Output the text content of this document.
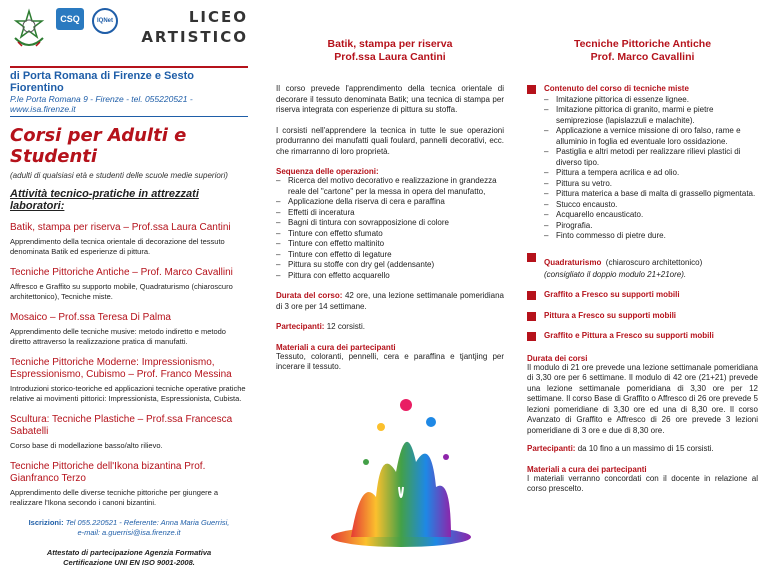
CSQ	IQNet	LICEO
ARTISTICO
di Porta Romana di Firenze e Sesto Fiorentino
P.le Porta Romana 9 - Firenze - tel. 055220521 - www.isa.firenze.it
Corsi per Adulti e Studenti
(adulti di qualsiasi età e studenti delle scuole medie superiori)
Attività tecnico-pratiche in attrezzati laboratori:
Batik, stampa per riserva – Prof.ssa Laura Cantini
Apprendimento della tecnica orientale di decorazione del tessuto denominata Batik ed esperienze di pittura.
Tecniche Pittoriche Antiche – Prof. Marco Cavallini
Affresco e Graffito su supporto mobile, Quadraturismo (chiaroscuro architettonico), Tecniche miste.
Mosaico – Prof.ssa Teresa Di Palma
Apprendimento delle tecniche musive: metodo indiretto e metodo diretto attraverso la realizzazione pratica di manufatti.
Tecniche Pittoriche Moderne: Impressionismo, Espressionismo, Cubismo – Prof. Franco Messina
Introduzioni storico-teoriche ed applicazioni tecniche operative pratiche relative ai movimenti pittorici: Impressionista, Espressionista, Cubista.
Scultura: Tecniche Plastiche – Prof.ssa Francesca Sabatelli
Corso base di modellazione basso/alto rilievo.
Tecniche Pittoriche dell'Ikona bizantina Prof. Gianfranco Terzo
Apprendimento delle diverse tecniche pittoriche per giungere a realizzare l'Ikona secondo i canoni bizantini.
Iscrizioni: Tel 055.220521 - Referente: Anna Maria Guerrisi,
e-mail: a.guerrisi@isa.firenze.it
Attestato di partecipazione Agenzia Formativa
Certificazione UNI EN ISO 9001-2008.
Batik, stampa per riserva
Prof.ssa Laura Cantini
Il corso prevede l'apprendimento della tecnica orientale di decorare il tessuto denominata Batik; una tecnica di stampa per riserva integrata con esperienze di pittura su stoffa.
I corsisti nell'apprendere la tecnica in tutte le sue operazioni produrranno dei manufatti quali foulard, pannelli decorativi, ecc. che rimarranno di loro proprietà.
Sequenza delle operazioni:
– Ricerca del motivo decorativo e realizzazione in grandezza reale del "cartone" per la messa in opera del manufatto,
– Applicazione della riserva di cera e paraffina
– Effetti di inceratura
– Bagni di tintura con sovrapposizione di colore
– Tinture con effetto sfumato
– Tinture con effetto maltinito
– Tinture con effetto di legature
– Pittura su stoffe con dry gel (addensante)
– Pittura con effetto acquarello
Durata del corso: 42 ore, una lezione settimanale pomeridiana di 3 ore per 14 settimane.
Partecipanti: 12 corsisti.
Materiali a cura dei partecipanti
Tessuto, coloranti, pennelli, cera e paraffina e tjantjing per incerare il tessuto.
Tecniche Pittoriche Antiche
Prof. Marco Cavallini
Contenuto del corso di tecniche miste
– Imitazione pittorica di essenze lignee.
– Imitazione pittorica di granito, marmi e pietre semipreziose (lapislazzuli e malachite).
– Applicazione a vernice missione di oro falso, rame e alluminio in foglia ed eventuale loro ossidazione.
– Pastiglia e altri metodi per realizzare rilievi plastici di diverso tipo.
– Pittura a tempera acrilica e ad olio.
– Pittura su vetro.
– Pittura materica a base di malta di grassello pigmentata.
– Stucco encausto.
– Acquarello encausticato.
– Pirografia.
– Finto commesso di pietre dure.
Quadraturismo (chiaroscuro architettonico)
(consigliato il doppio modulo 21+21ore).
Graffito a Fresco su supporti mobili
Pittura a Fresco su supporti mobili
Graffito e Pittura a Fresco su supporti mobili
Durata dei corsi
Il modulo di 21 ore prevede una lezione settimanale pomeridiana di 3,30 ore per 6 settimane. Il modulo di 42 ore (21+21) prevede una lezione settimanale pomeridiana di 3,30 ore per 12 settimane. Il corso Base di Graffito o Affresco di 26 ore prevede 5 lezioni pomeridiane di 3,30 ore ed una di 8,30 ore. Il corso Avanzato di Graffito e Affresco di 26 ore prevede 3 lezioni pomeridiane di 3 ore e due di 8,30 ore.
Partecipanti: da 10 fino a un massimo di 15 corsisti.
Materiali a cura dei partecipanti
I materiali verranno concordati con il docente in relazione al corso prescelto.
